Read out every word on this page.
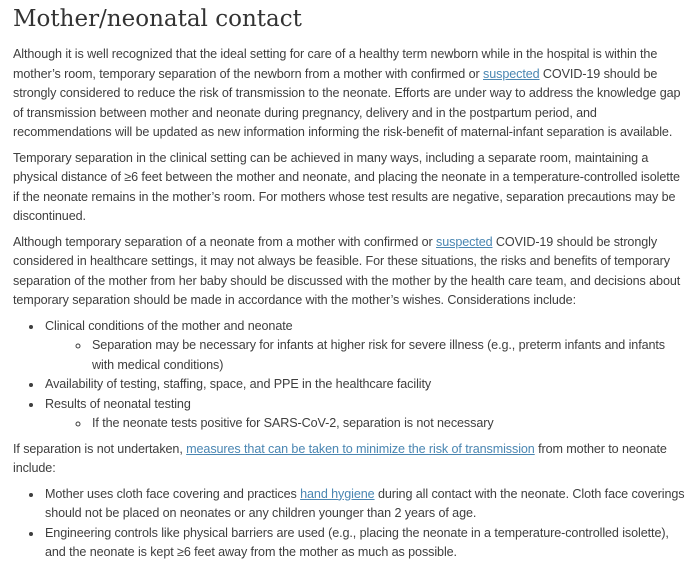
Mother/neonatal contact

Although it is well recognized that the ideal setting for care of a healthy term newborn while in the hospital is within the mother’s room, temporary separation of the newborn from a mother with confirmed or suspected COVID-19 should be strongly considered to reduce the risk of transmission to the neonate. Efforts are under way to address the knowledge gap of transmission between mother and neonate during pregnancy, delivery and in the postpartum period, and recommendations will be updated as new information informing the risk-benefit of maternal-infant separation is available.

Temporary separation in the clinical setting can be achieved in many ways, including a separate room, maintaining a physical distance of ≥6 feet between the mother and neonate, and placing the neonate in a temperature-controlled isolette if the neonate remains in the mother’s room. For mothers whose test results are negative, separation precautions may be discontinued.

Although temporary separation of a neonate from a mother with confirmed or suspected COVID-19 should be strongly considered in healthcare settings, it may not always be feasible. For these situations, the risks and benefits of temporary separation of the mother from her baby should be discussed with the mother by the health care team, and decisions about temporary separation should be made in accordance with the mother’s wishes. Considerations include:

• Clinical conditions of the mother and neonate
◦ Separation may be necessary for infants at higher risk for severe illness (e.g., preterm infants and infants with medical conditions)
• Availability of testing, staffing, space, and PPE in the healthcare facility
• Results of neonatal testing
◦ If the neonate tests positive for SARS-CoV-2, separation is not necessary

If separation is not undertaken, measures that can be taken to minimize the risk of transmission from mother to neonate include:

• Mother uses cloth face covering and practices hand hygiene during all contact with the neonate. Cloth face coverings should not be placed on neonates or any children younger than 2 years of age.
• Engineering controls like physical barriers are used (e.g., placing the neonate in a temperature-controlled isolette), and the neonate is kept ≥6 feet away from the mother as much as possible.
